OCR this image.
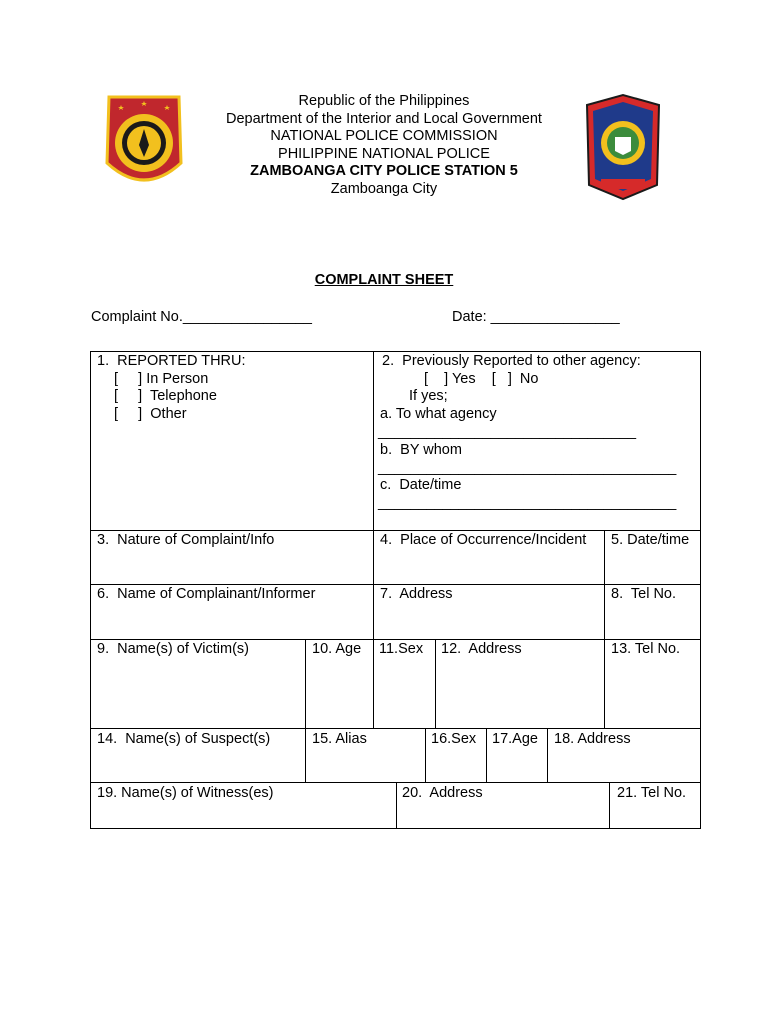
Republic of the Philippines
Department of the Interior and Local Government
NATIONAL POLICE COMMISSION
PHILIPPINE NATIONAL POLICE
ZAMBOANGA CITY POLICE STATION 5
Zamboanga City
COMPLAINT SHEET
Complaint No.________________	Date: ________________
1.  REPORTED THRU:
[     ] In Person
[     ]  Telephone
[     ]  Other
2.  Previously Reported to other agency:
[    ] Yes    [   ]  No
If yes;
a. To what agency
________________________________
b.  BY whom
_____________________________________
c.  Date/time
_____________________________________
3.  Nature of Complaint/Info	4.  Place of Occurrence/Incident 5. Date/time
6.  Name of Complainant/Informer	7.  Address	8.  Tel No.
9.  Name(s) of Victim(s)	10. Age 11.Sex 12.  Address	13. Tel No.
14.  Name(s) of Suspect(s)	15. Alias	16.Sex 17.Age 18. Address
19. Name(s) of Witness(es)	20.  Address	21. Tel No.
